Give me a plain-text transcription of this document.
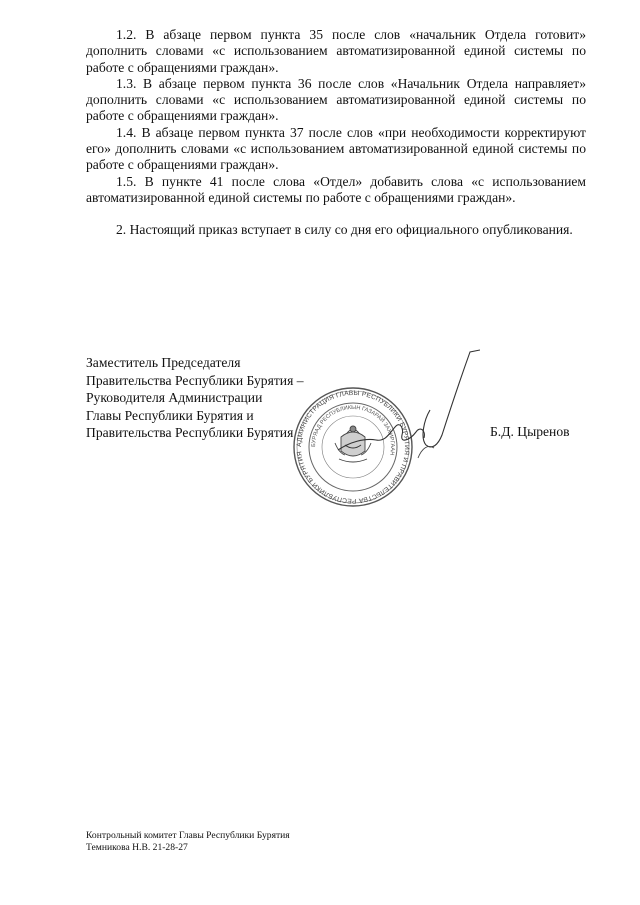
1.2. В абзаце первом пункта 35 после слов «начальник Отдела готовит» дополнить словами «с использованием автоматизированной единой системы по работе с обращениями граждан».

1.3. В абзаце первом пункта 36 после слов «Начальник Отдела направляет» дополнить словами «с использованием автоматизированной единой системы по работе с обращениями граждан».

1.4. В абзаце первом пункта 37 после слов «при необходимости корректируют его» дополнить словами «с использованием автоматизированной единой системы по работе с обращениями граждан».

1.5. В пункте 41 после слова «Отдел» добавить слова «с использованием автоматизированной единой системы по работе с обращениями граждан».

2. Настоящий приказ вступает в силу со дня его официального опубликования.

Заместитель Председателя
Правительства Республики Бурятия –
Руководителя Администрации
Главы Республики Бурятия и
Правительства Республики Бурятия
АДМИНИСТРАЦИЯ ГЛАВЫ РЕСПУБЛИКИ БУРЯТИЯ И ПРАВИТЕЛЬСТВА РЕСПУБЛИКИ БУРЯТИЯ
БУРЯАД РЕСПУБЛИКЫН ГАЗАРАЙ ЗАХИРГААН
Б.Д. Цыренов
Контрольный комитет Главы Республики Бурятия
Темникова Н.В. 21-28-27
